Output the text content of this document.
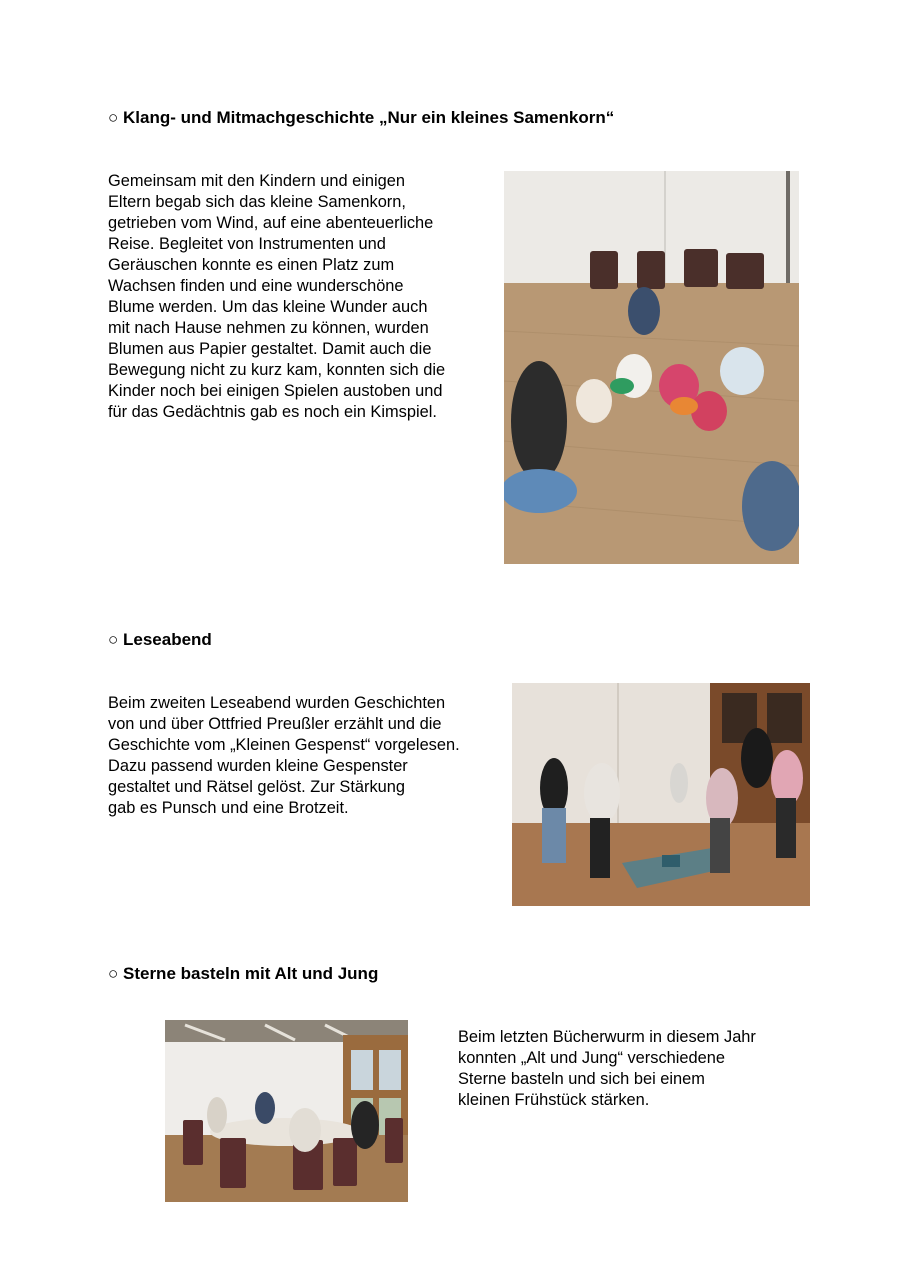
○ Klang- und Mitmachgeschichte „Nur ein kleines Samenkorn“
Gemeinsam mit den Kindern und einigen
Eltern begab sich das kleine Samenkorn,
getrieben vom Wind, auf eine abenteuerliche
Reise. Begleitet von Instrumenten und
Geräuschen konnte es einen Platz zum
Wachsen finden und eine wunderschöne
Blume werden. Um das kleine Wunder auch
mit nach Hause nehmen zu können, wurden
Blumen aus Papier gestaltet. Damit auch die
Bewegung nicht zu kurz kam, konnten sich die
Kinder noch bei einigen Spielen austoben und
für das Gedächtnis gab es noch ein Kimspiel.
○ Leseabend
Beim zweiten Leseabend wurden Geschichten
von und über Ottfried Preußler erzählt und die
Geschichte vom „Kleinen Gespenst“ vorgelesen.
Dazu passend wurden kleine Gespenster
gestaltet und Rätsel gelöst. Zur Stärkung
gab es Punsch und eine Brotzeit.
○ Sterne basteln mit Alt und Jung
Beim letzten Bücherwurm in diesem Jahr
konnten „Alt und Jung“ verschiedene
Sterne basteln und sich bei einem
kleinen Frühstück stärken.
